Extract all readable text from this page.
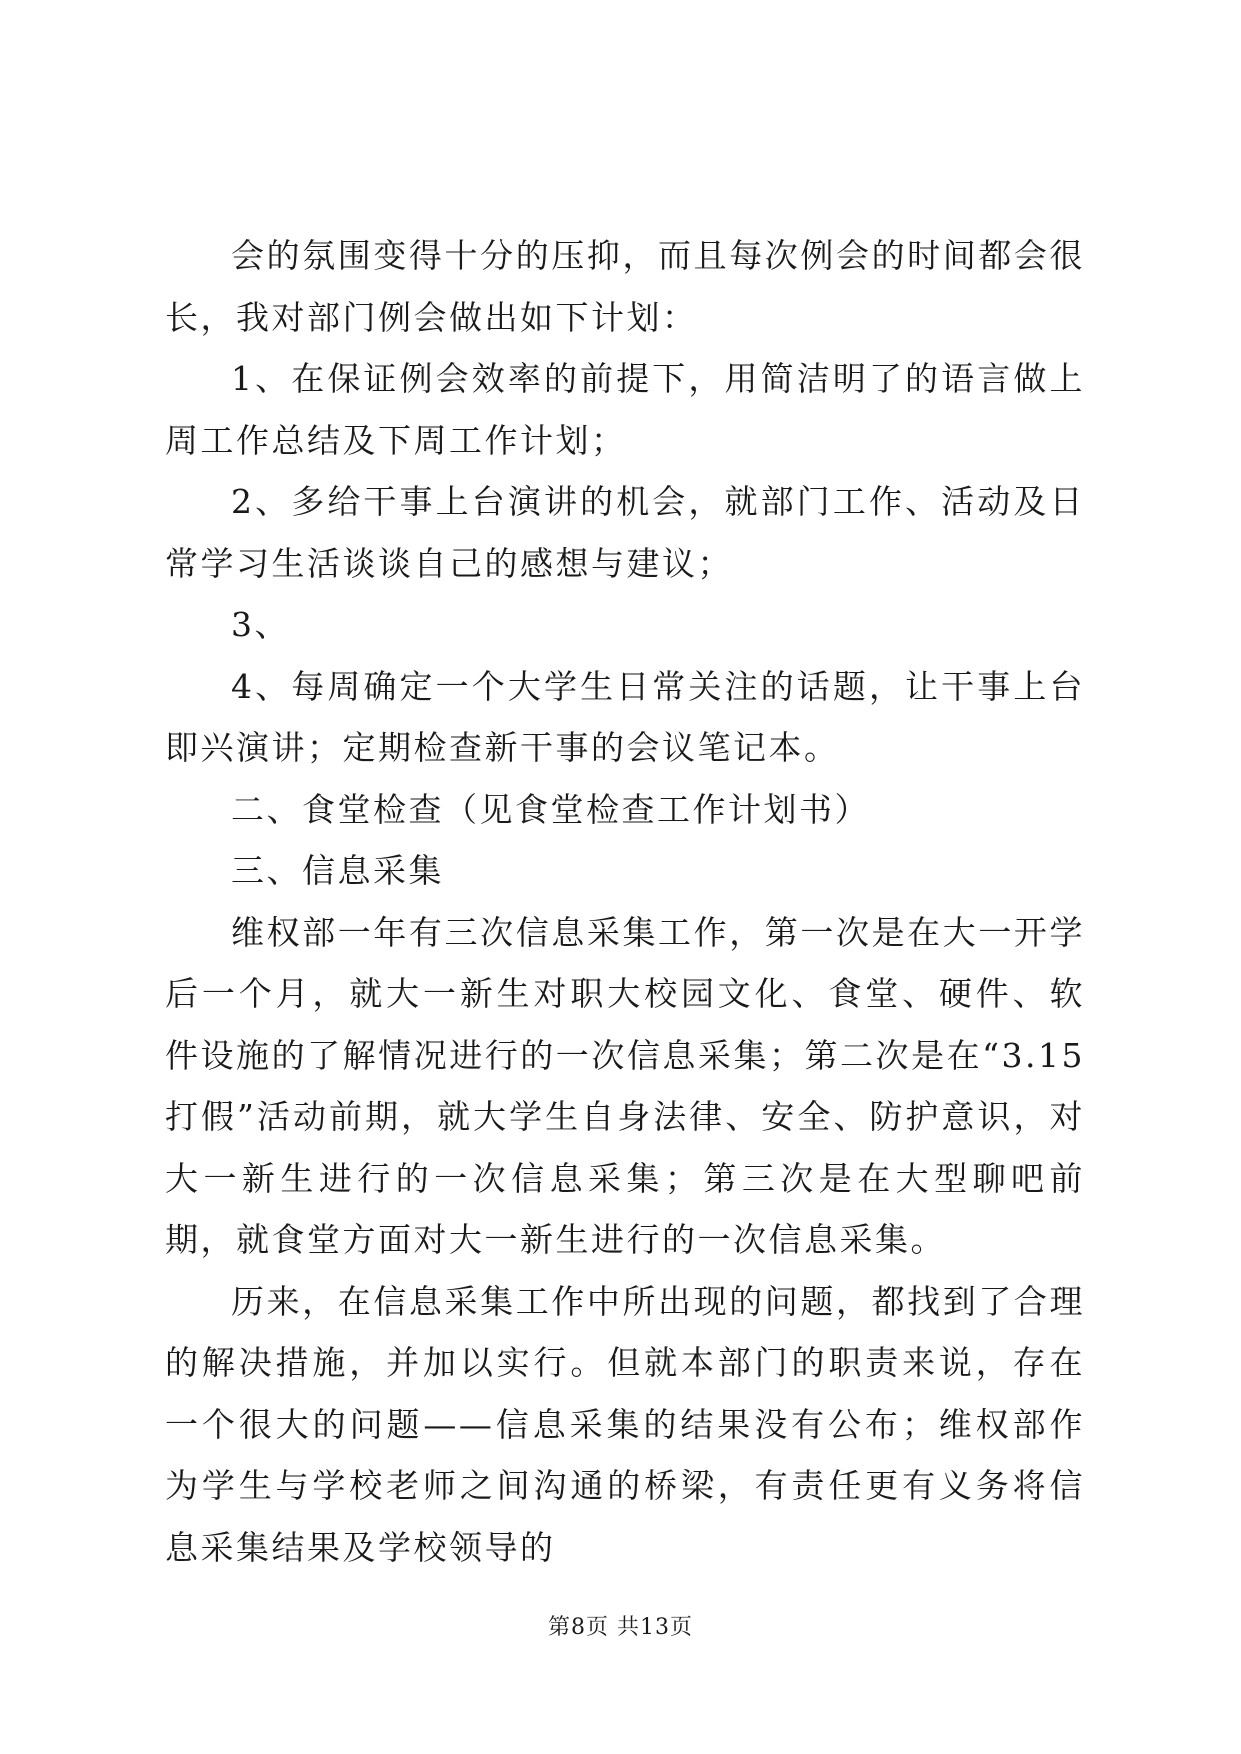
会的氛围变得十分的压抑，而且每次例会的时间都会很长，我对部门例会做出如下计划：

1、在保证例会效率的前提下，用简洁明了的语言做上周工作总结及下周工作计划；

2、多给干事上台演讲的机会，就部门工作、活动及日常学习生活谈谈自己的感想与建议；

3、

4、每周确定一个大学生日常关注的话题，让干事上台即兴演讲；定期检查新干事的会议笔记本。

二、食堂检查（见食堂检查工作计划书）

三、信息采集

维权部一年有三次信息采集工作，第一次是在大一开学后一个月，就大一新生对职大校园文化、食堂、硬件、软件设施的了解情况进行的一次信息采集；第二次是在“3.15打假”活动前期，就大学生自身法律、安全、防护意识，对大一新生进行的一次信息采集；第三次是在大型聊吧前期，就食堂方面对大一新生进行的一次信息采集。

历来，在信息采集工作中所出现的问题，都找到了合理的解决措施，并加以实行。但就本部门的职责来说，存在一个很大的问题——信息采集的结果没有公布；维权部作为学生与学校老师之间沟通的桥梁，有责任更有义务将信息采集结果及学校领导的

第8页 共13页
